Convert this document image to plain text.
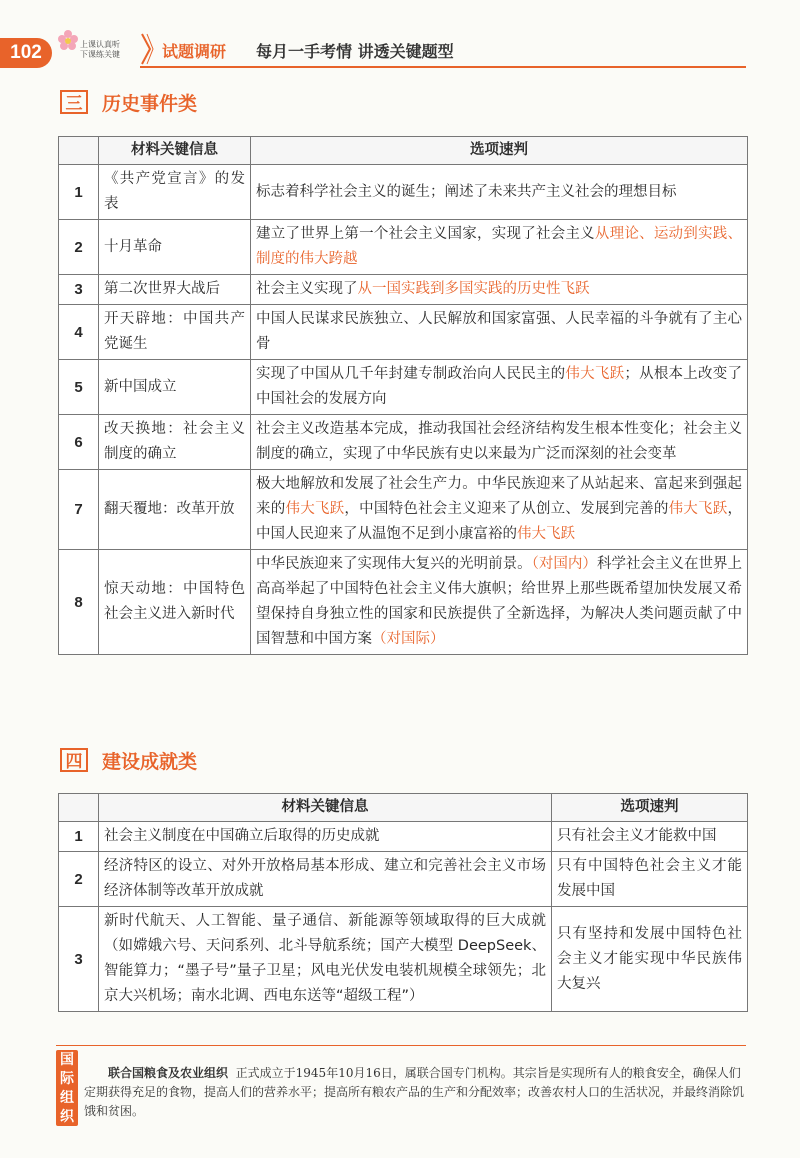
102	上课认真听
下课练关键	试题调研 每月一手考情 讲透关键题型
三 历史事件类
	材料关键信息	选项速判
1	《共产党宣言》的发表	标志着科学社会主义的诞生；阐述了未来共产主义社会的理想目标
2	十月革命	建立了世界上第一个社会主义国家，实现了社会主义从理论、运动到实践、制度的伟大跨越
3	第二次世界大战后	社会主义实现了从一国实践到多国实践的历史性飞跃
4	开天辟地：中国共产党诞生	中国人民谋求民族独立、人民解放和国家富强、人民幸福的斗争就有了主心骨
5	新中国成立	实现了中国从几千年封建专制政治向人民民主的伟大飞跃；从根本上改变了中国社会的发展方向
6	改天换地：社会主义制度的确立	社会主义改造基本完成，推动我国社会经济结构发生根本性变化；社会主义制度的确立，实现了中华民族有史以来最为广泛而深刻的社会变革
7	翻天覆地：改革开放	极大地解放和发展了社会生产力。中华民族迎来了从站起来、富起来到强起来的伟大飞跃，中国特色社会主义迎来了从创立、发展到完善的伟大飞跃，中国人民迎来了从温饱不足到小康富裕的伟大飞跃
8	惊天动地：中国特色社会主义进入新时代	中华民族迎来了实现伟大复兴的光明前景。（对国内）科学社会主义在世界上高高举起了中国特色社会主义伟大旗帜；给世界上那些既希望加快发展又希望保持自身独立性的国家和民族提供了全新选择，为解决人类问题贡献了中国智慧和中国方案（对国际）
四 建设成就类
	材料关键信息	选项速判
1	社会主义制度在中国确立后取得的历史成就	只有社会主义才能救中国
2	经济特区的设立、对外开放格局基本形成、建立和完善社会主义市场经济体制等改革开放成就	只有中国特色社会主义才能发展中国
3	新时代航天、人工智能、量子通信、新能源等领域取得的巨大成就（如嫦娥六号、天问系列、北斗导航系统；国产大模型 DeepSeek、智能算力；“墨子号”量子卫星；风电光伏发电装机规模全球领先；北京大兴机场；南水北调、西电东送等“超级工程”）	只有坚持和发展中国特色社会主义才能实现中华民族伟大复兴
国际组织
联合国粮食及农业组织 正式成立于1945年10月16日，属联合国专门机构。其宗旨是实现所有人的粮食安全，确保人们定期获得充足的食物，提高人们的营养水平；提高所有粮农产品的生产和分配效率；改善农村人口的生活状况，并最终消除饥饿和贫困。
